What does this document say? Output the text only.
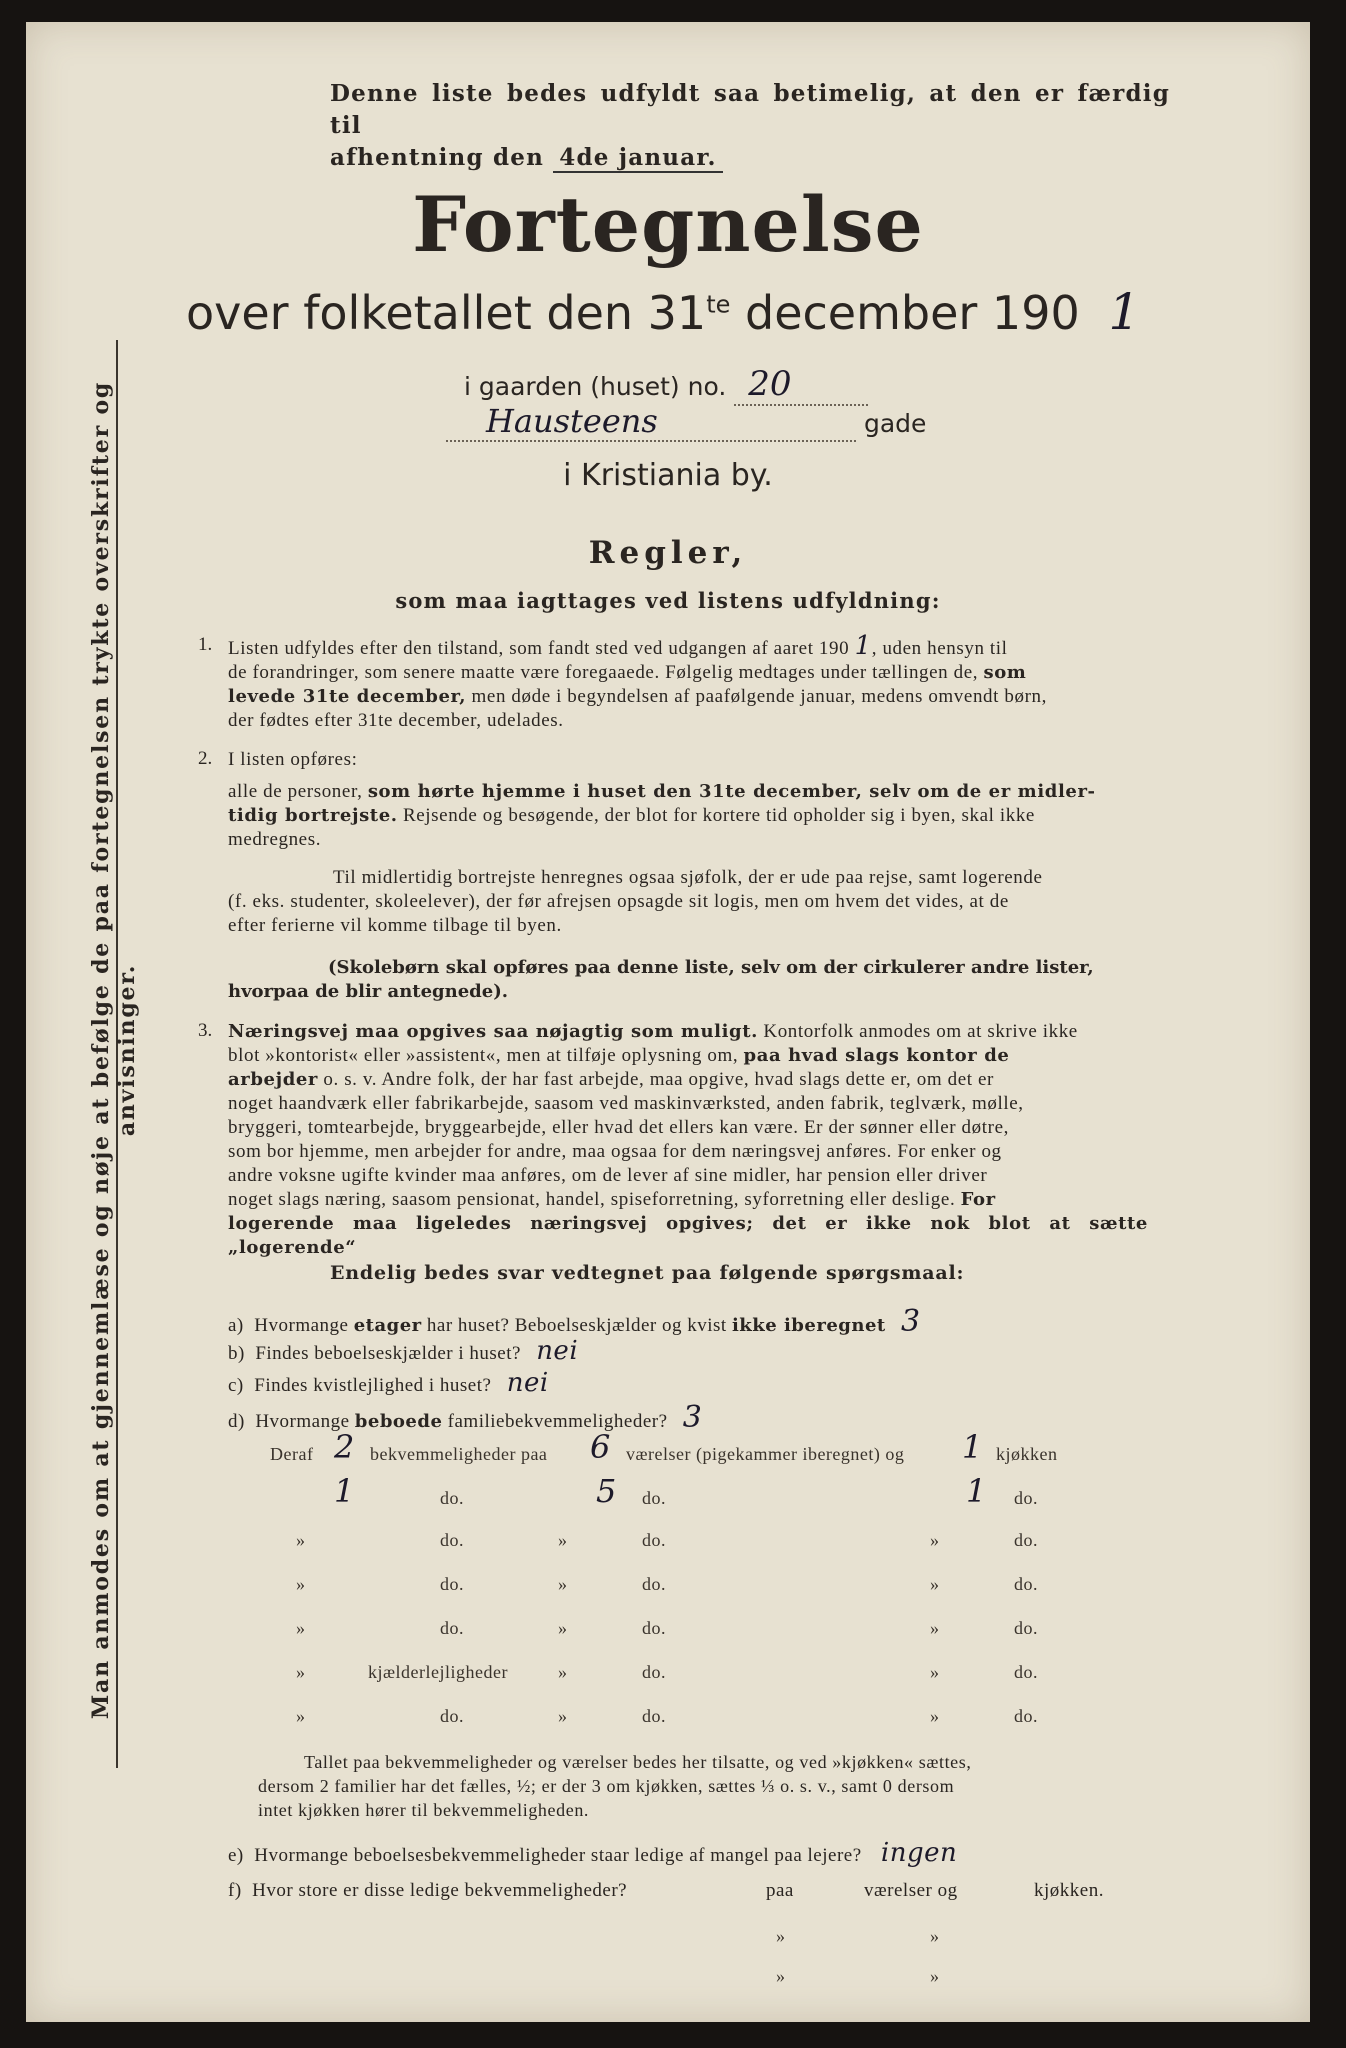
Man anmodes om at gjennemlæse og nøje at befølge de paa fortegnelsen trykte overskrifter og anvisninger.
Denne liste bedes udfyldt saa betimelig, at den er færdig til
afhentning den 4de januar.
Fortegnelse
over folketallet den $31^{te}$ december 190 1
i gaarden (huset) no. 20
Hausteens	gade
i Kristiania by.
Regler,
som maa iagttages ved listens udfyldning:
1. Listen udfyldes efter den tilstand, som fandt sted ved udgangen af aaret 190 1, uden hensyn til
de forandringer, som senere maatte være foregaaede. Følgelig medtages under tællingen de, som
levede 31te december, men døde i begyndelsen af paafølgende januar, medens omvendt børn,
der fødtes efter 31te december, udelades.
2. I listen opføres:
alle de personer, som hørte hjemme i huset den 31te december, selv om de er midler-
tidig bortrejste. Rejsende og besøgende, der blot for kortere tid opholder sig i byen, skal ikke
medregnes.
Til midlertidig bortrejste henregnes ogsaa sjøfolk, der er ude paa rejse, samt logerende
(f. eks. studenter, skoleelever), der før afrejsen opsagde sit logis, men om hvem det vides, at de
efter ferierne vil komme tilbage til byen.
(Skolebørn skal opføres paa denne liste, selv om der cirkulerer andre lister,
hvorpaa de blir antegnede).
3. Næringsvej maa opgives saa nøjagtig som muligt. Kontorfolk anmodes om at skrive ikke
blot »kontorist« eller »assistent«, men at tilføje oplysning om, paa hvad slags kontor de
arbejder o. s. v. Andre folk, der har fast arbejde, maa opgive, hvad slags dette er, om det er
noget haandværk eller fabrikarbejde, saasom ved maskinværksted, anden fabrik, teglværk, mølle,
bryggeri, tomtearbejde, bryggearbejde, eller hvad det ellers kan være. Er der sønner eller døtre,
som bor hjemme, men arbejder for andre, maa ogsaa for dem næringsvej anføres. For enker og
andre voksne ugifte kvinder maa anføres, om de lever af sine midler, har pension eller driver
noget slags næring, saasom pensionat, handel, spiseforretning, syforretning eller deslige. For
logerende maa ligeledes næringsvej opgives; det er ikke nok blot at sætte „logerende“
Endelig bedes svar vedtegnet paa følgende spørgsmaal:
a) Hvormange etager har huset? Beboelseskjælder og kvist ikke iberegnet 3
b) Findes beboelseskjælder i huset? nei
c) Findes kvistlejlighed i huset? nei
d) Hvormange beboede familiebekvemmeligheder? 3
Deraf 2 bekvemmeligheder paa 6 værelser (pigekammer iberegnet) og 1 kjøkken
1	do.	5 do.	1 do.
»	do.	»	do.	»	do.
»	do.	»	do.	»	do.
»	do.	»	do.	»	do.
»	kjælderlejligheder	»	do.	»	do.
»	do.	»	do.	»	do.
Tallet paa bekvemmeligheder og værelser bedes her tilsatte, og ved »kjøkken« sættes,
dersom 2 familier har det fælles, ½; er der 3 om kjøkken, sættes ⅓ o. s. v., samt 0 dersom
intet kjøkken hører til bekvemmeligheden.
e) Hvormange beboelsesbekvemmeligheder staar ledige af mangel paa lejere? ingen
f) Hvor store er disse ledige bekvemmeligheder?	paa	værelser og	kjøkken.
»	»
»	»
